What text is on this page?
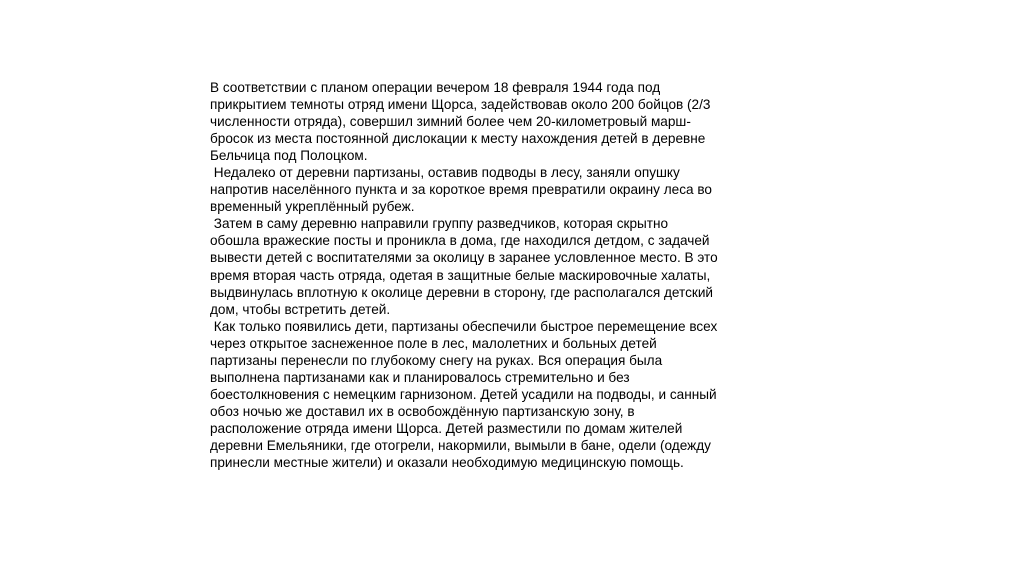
В соответствии с планом операции вечером 18 февраля 1944 года под
прикрытием темноты отряд имени Щорса, задействовав около 200 бойцов (2/3
численности отряда), совершил зимний более чем 20-километровый марш-
бросок из места постоянной дислокации к месту нахождения детей в деревне
Бельчица под Полоцком.
Недалеко от деревни партизаны, оставив подводы в лесу, заняли опушку
напротив населённого пункта и за короткое время превратили окраину леса во
временный укреплённый рубеж.
Затем в саму деревню направили группу разведчиков, которая скрытно
обошла вражеские посты и проникла в дома, где находился детдом, с задачей
вывести детей с воспитателями за околицу в заранее условленное место. В это
время вторая часть отряда, одетая в защитные белые маскировочные халаты,
выдвинулась вплотную к околице деревни в сторону, где располагался детский
дом, чтобы встретить детей.
Как только появились дети, партизаны обеспечили быстрое перемещение всех
через открытое заснеженное поле в лес, малолетних и больных детей
партизаны перенесли по глубокому снегу на руках. Вся операция была
выполнена партизанами как и планировалось стремительно и без
боестолкновения с немецким гарнизоном. Детей усадили на подводы, и санный
обоз ночью же доставил их в освобождённую партизанскую зону, в
расположение отряда имени Щорса. Детей разместили по домам жителей
деревни Емельяники, где отогрели, накормили, вымыли в бане, одели (одежду
принесли местные жители) и оказали необходимую медицинскую помощь.
